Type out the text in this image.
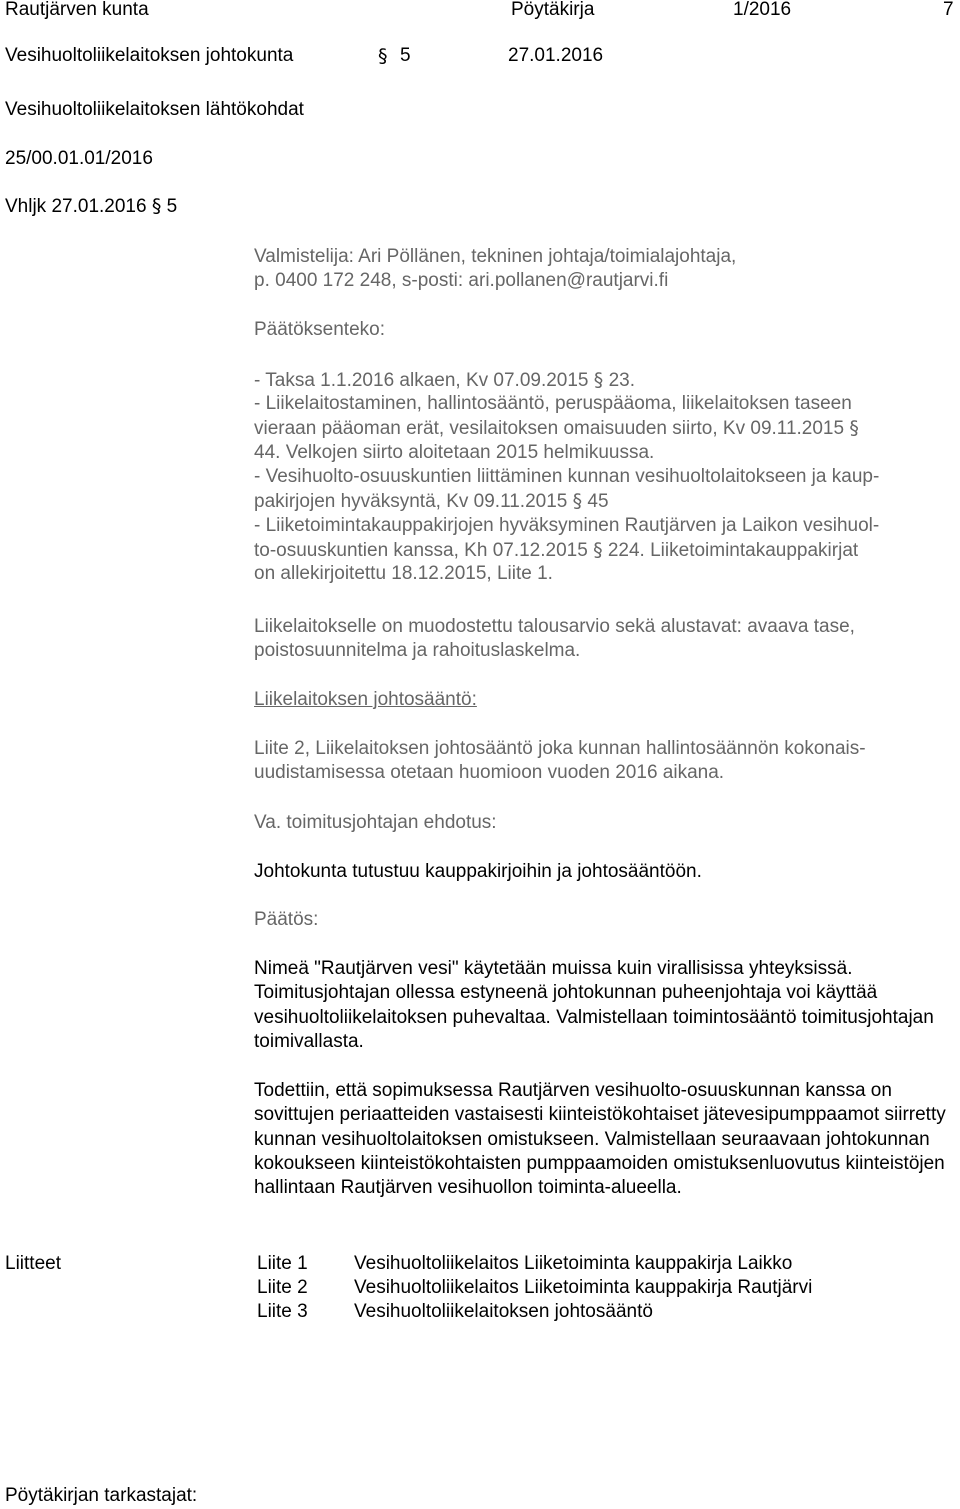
Rautjärven kunta	Pöytäkirja	1/2016	7
Vesihuoltoliikelaitoksen johtokunta	§ 5	27.01.2016
Vesihuoltoliikelaitoksen lähtökohdat
25/00.01.01/2016
Vhljk 27.01.2016 § 5
Valmistelija: Ari Pöllänen, tekninen johtaja/toimialajohtaja,
p. 0400 172 248, s-posti: ari.pollanen@rautjarvi.fi
Päätöksenteko:
- Taksa 1.1.2016 alkaen, Kv 07.09.2015 § 23.
- Liikelaitostaminen, hallintosääntö, peruspääoma, liikelaitoksen taseen
vieraan pääoman erät, vesilaitoksen omaisuuden siirto, Kv 09.11.2015 §
44. Velkojen siirto aloitetaan 2015 helmikuussa.
- Vesihuolto-osuuskuntien liittäminen kunnan vesihuoltolaitokseen ja kaup-
pakirjojen hyväksyntä, Kv 09.11.2015 § 45
- Liiketoimintakauppakirjojen hyväksyminen Rautjärven ja Laikon vesihuol-
to-osuuskuntien kanssa, Kh 07.12.2015 § 224. Liiketoimintakauppakirjat
on allekirjoitettu 18.12.2015, Liite 1.

Liikelaitokselle on muodostettu talousarvio sekä alustavat: avaava tase, poistosuunnitelma ja rahoituslaskelma.

Liikelaitoksen johtosääntö:

Liite 2, Liikelaitoksen johtosääntö joka kunnan hallintosäännön kokonaisuudistamisessa otetaan huomioon vuoden 2016 aikana.

Va. toimitusjohtajan ehdotus:
Johtokunta tutustuu kauppakirjoihin ja johtosääntöön.
Päätös:

Nimeä "Rautjärven vesi" käytetään muissa kuin virallisissa yhteyksissä. Toimitusjohtajan ollessa estyneenä johtokunnan puheenjohtaja voi käyttää vesihuoltoliikelaitoksen puhevaltaa. Valmistellaan toimintosääntö toimitusjohtajan toimivallasta.

Todettiin, että sopimuksessa Rautjärven vesihuolto-osuuskunnan kanssa on sovittujen periaatteiden vastaisesti kiinteistökohtaiset jätevesipumppaamot siirretty kunnan vesihuoltolaitoksen omistukseen. Valmistellaan seuraavaan johtokunnan kokoukseen kiinteistökohtaisten pumppaamoiden omistuksenluovutus kiinteistöjen hallintaan Rautjärven vesihuollon toiminta-alueella.

Liitteet	Liite 1 Vesihuoltoliikelaitos Liiketoiminta kauppakirja Laikko
Liite 2 Vesihuoltoliikelaitos Liiketoiminta kauppakirja Rautjärvi
Liite 3 Vesihuoltoliikelaitoksen johtosääntö
Pöytäkirjan tarkastajat:
